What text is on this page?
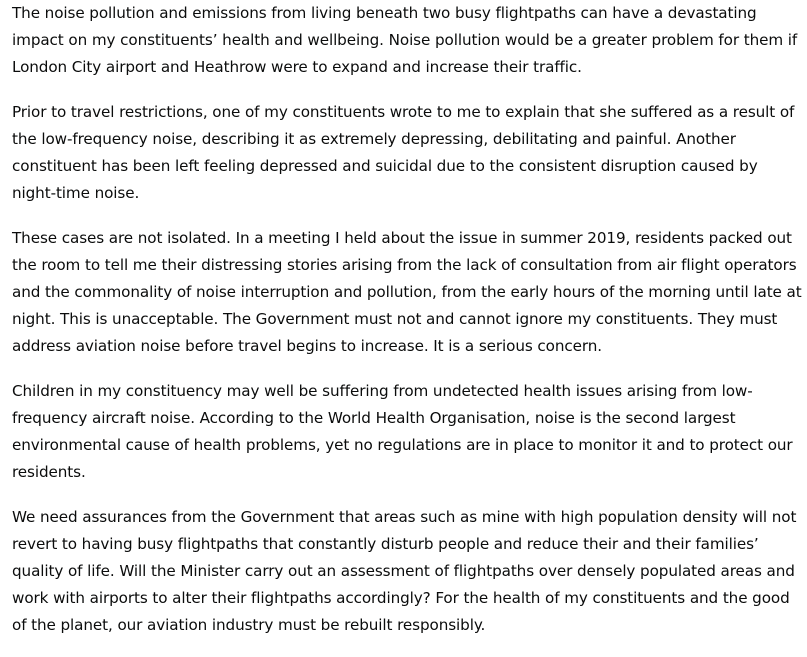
The noise pollution and emissions from living beneath two busy flightpaths can have a devastating impact on my constituents’ health and wellbeing. Noise pollution would be a greater problem for them if London City airport and Heathrow were to expand and increase their traffic.

Prior to travel restrictions, one of my constituents wrote to me to explain that she suffered as a result of the low-frequency noise, describing it as extremely depressing, debilitating and painful. Another constituent has been left feeling depressed and suicidal due to the consistent disruption caused by night-time noise.

These cases are not isolated. In a meeting I held about the issue in summer 2019, residents packed out the room to tell me their distressing stories arising from the lack of consultation from air flight operators and the commonality of noise interruption and pollution, from the early hours of the morning until late at night. This is unacceptable. The Government must not and cannot ignore my constituents. They must address aviation noise before travel begins to increase. It is a serious concern.

Children in my constituency may well be suffering from undetected health issues arising from low-frequency aircraft noise. According to the World Health Organisation, noise is the second largest environmental cause of health problems, yet no regulations are in place to monitor it and to protect our residents.

We need assurances from the Government that areas such as mine with high population density will not revert to having busy flightpaths that constantly disturb people and reduce their and their families’ quality of life. Will the Minister carry out an assessment of flightpaths over densely populated areas and work with airports to alter their flightpaths accordingly? For the health of my constituents and the good of the planet, our aviation industry must be rebuilt responsibly.
